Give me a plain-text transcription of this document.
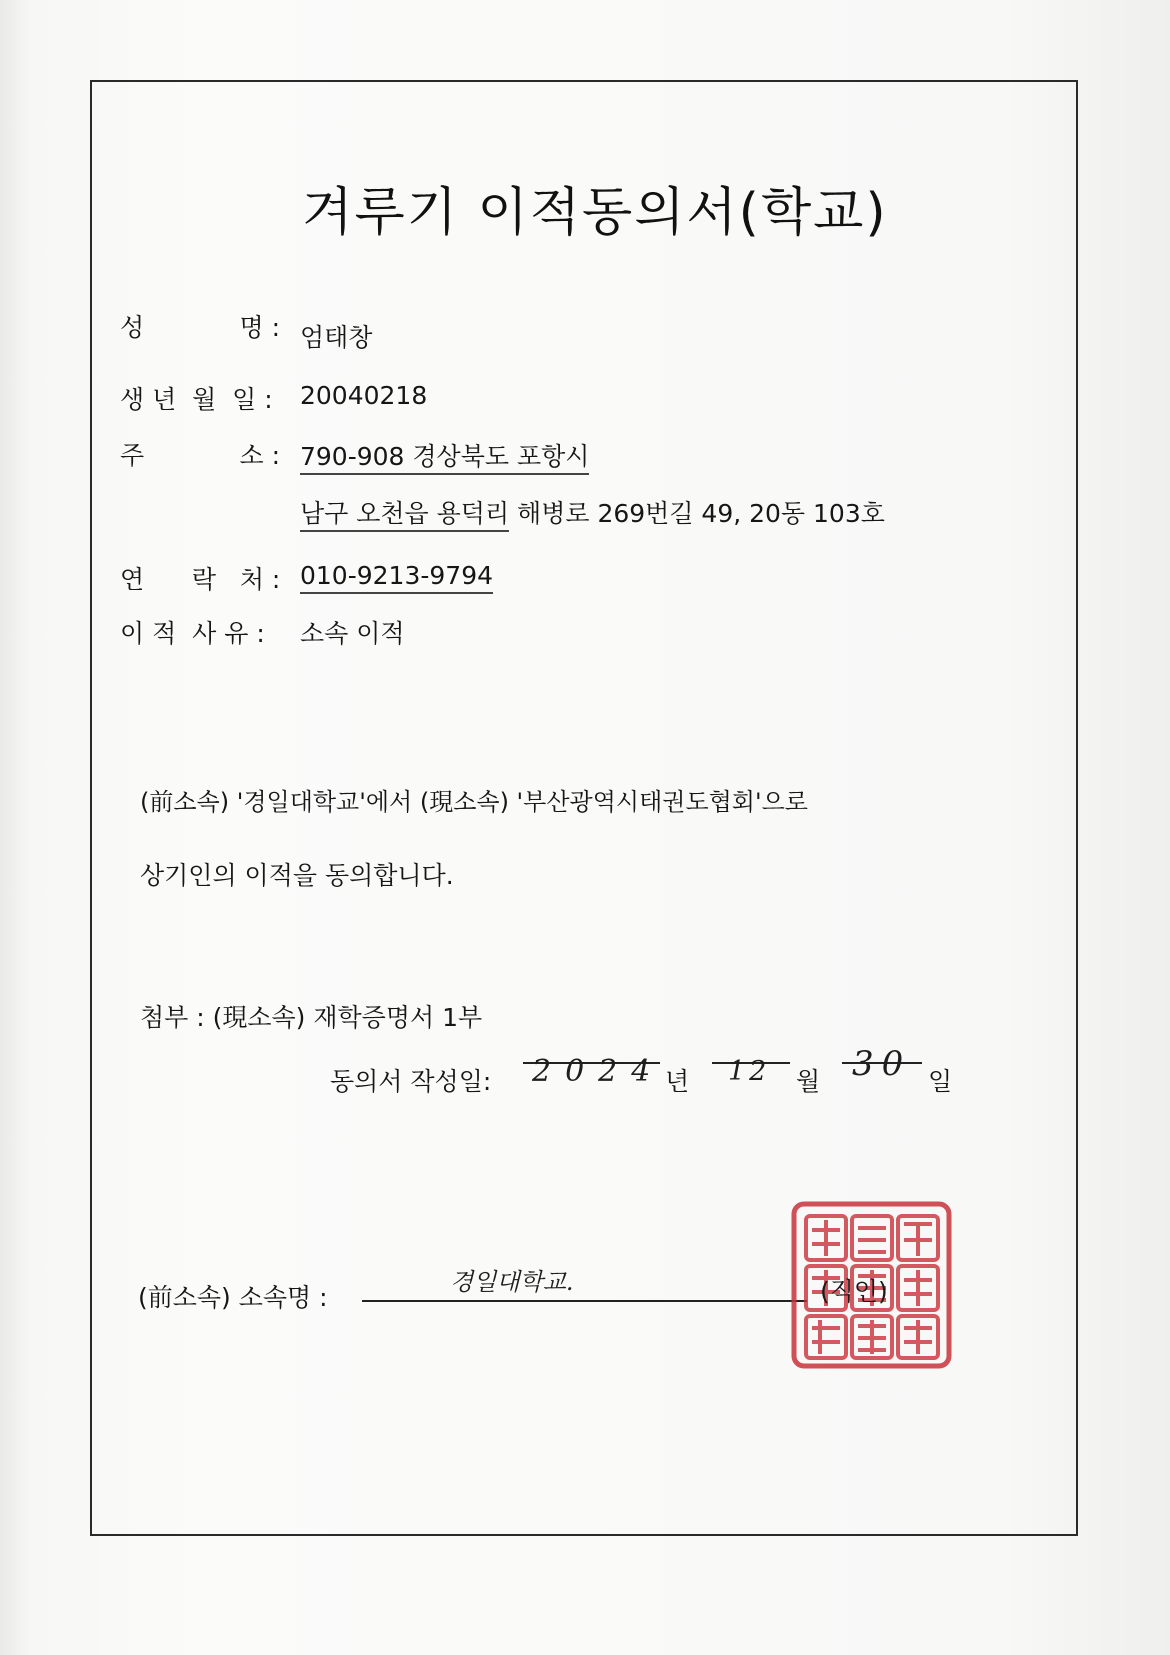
겨루기 이적동의서(학교)
성            명 : 엄태창
생 년  월  일 : 20040218
주            소 : 790-908 경상북도 포항시
남구 오천읍 용덕리 해병로 269번길 49, 20동 103호
연      락   처 : 010-9213-9794
이 적  사 유 : 소속 이적
(前소속) '경일대학교'에서 (現소속) '부산광역시태권도협회'으로
상기인의 이적을 동의합니다.
첨부 : (現소속) 재학증명서 1부
동의서 작성일: 2024 년 12 월 30 일
(前소속) 소속명 :
경일대학교.	(직인)
